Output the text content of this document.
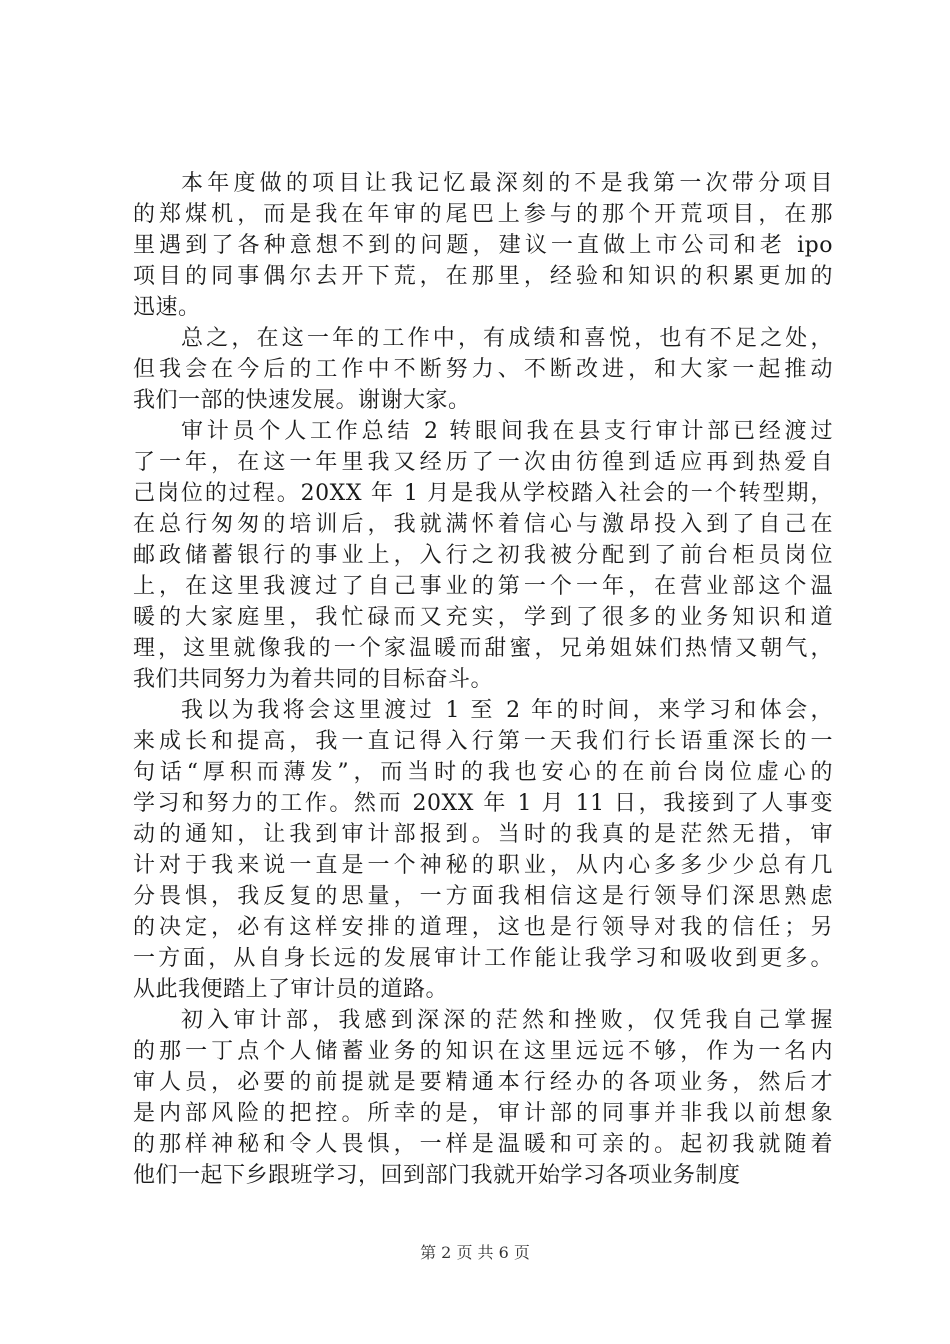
本年度做的项目让我记忆最深刻的不是我第一次带分项目
的郑煤机，而是我在年审的尾巴上参与的那个开荒项目，在那
里遇到了各种意想不到的问题，建议一直做上市公司和老 ipo
项目的同事偶尔去开下荒，在那里，经验和知识的积累更加的
迅速。
总之，在这一年的工作中，有成绩和喜悦，也有不足之处，
但我会在今后的工作中不断努力、不断改进，和大家一起推动
我们一部的快速发展。谢谢大家。
审计员个人工作总结 2 转眼间我在县支行审计部已经渡过
了一年，在这一年里我又经历了一次由彷徨到适应再到热爱自
己岗位的过程。20XX 年 1 月是我从学校踏入社会的一个转型期，
在总行匆匆的培训后，我就满怀着信心与激昂投入到了自己在
邮政储蓄银行的事业上，入行之初我被分配到了前台柜员岗位
上，在这里我渡过了自己事业的第一个一年，在营业部这个温
暖的大家庭里，我忙碌而又充实，学到了很多的业务知识和道
理，这里就像我的一个家温暖而甜蜜，兄弟姐妹们热情又朝气，
我们共同努力为着共同的目标奋斗。
我以为我将会这里渡过 1 至 2 年的时间，来学习和体会，
来成长和提高，我一直记得入行第一天我们行长语重深长的一
句话“厚积而薄发”，而当时的我也安心的在前台岗位虚心的
学习和努力的工作。然而 20XX 年 1 月 11 日，我接到了人事变
动的通知，让我到审计部报到。当时的我真的是茫然无措，审
计对于我来说一直是一个神秘的职业，从内心多多少少总有几
分畏惧，我反复的思量，一方面我相信这是行领导们深思熟虑
的决定，必有这样安排的道理，这也是行领导对我的信任；另
一方面，从自身长远的发展审计工作能让我学习和吸收到更多。
从此我便踏上了审计员的道路。
初入审计部，我感到深深的茫然和挫败，仅凭我自己掌握
的那一丁点个人储蓄业务的知识在这里远远不够，作为一名内
审人员，必要的前提就是要精通本行经办的各项业务，然后才
是内部风险的把控。所幸的是，审计部的同事并非我以前想象
的那样神秘和令人畏惧，一样是温暖和可亲的。起初我就随着
他们一起下乡跟班学习，回到部门我就开始学习各项业务制度
第 2 页 共 6 页
